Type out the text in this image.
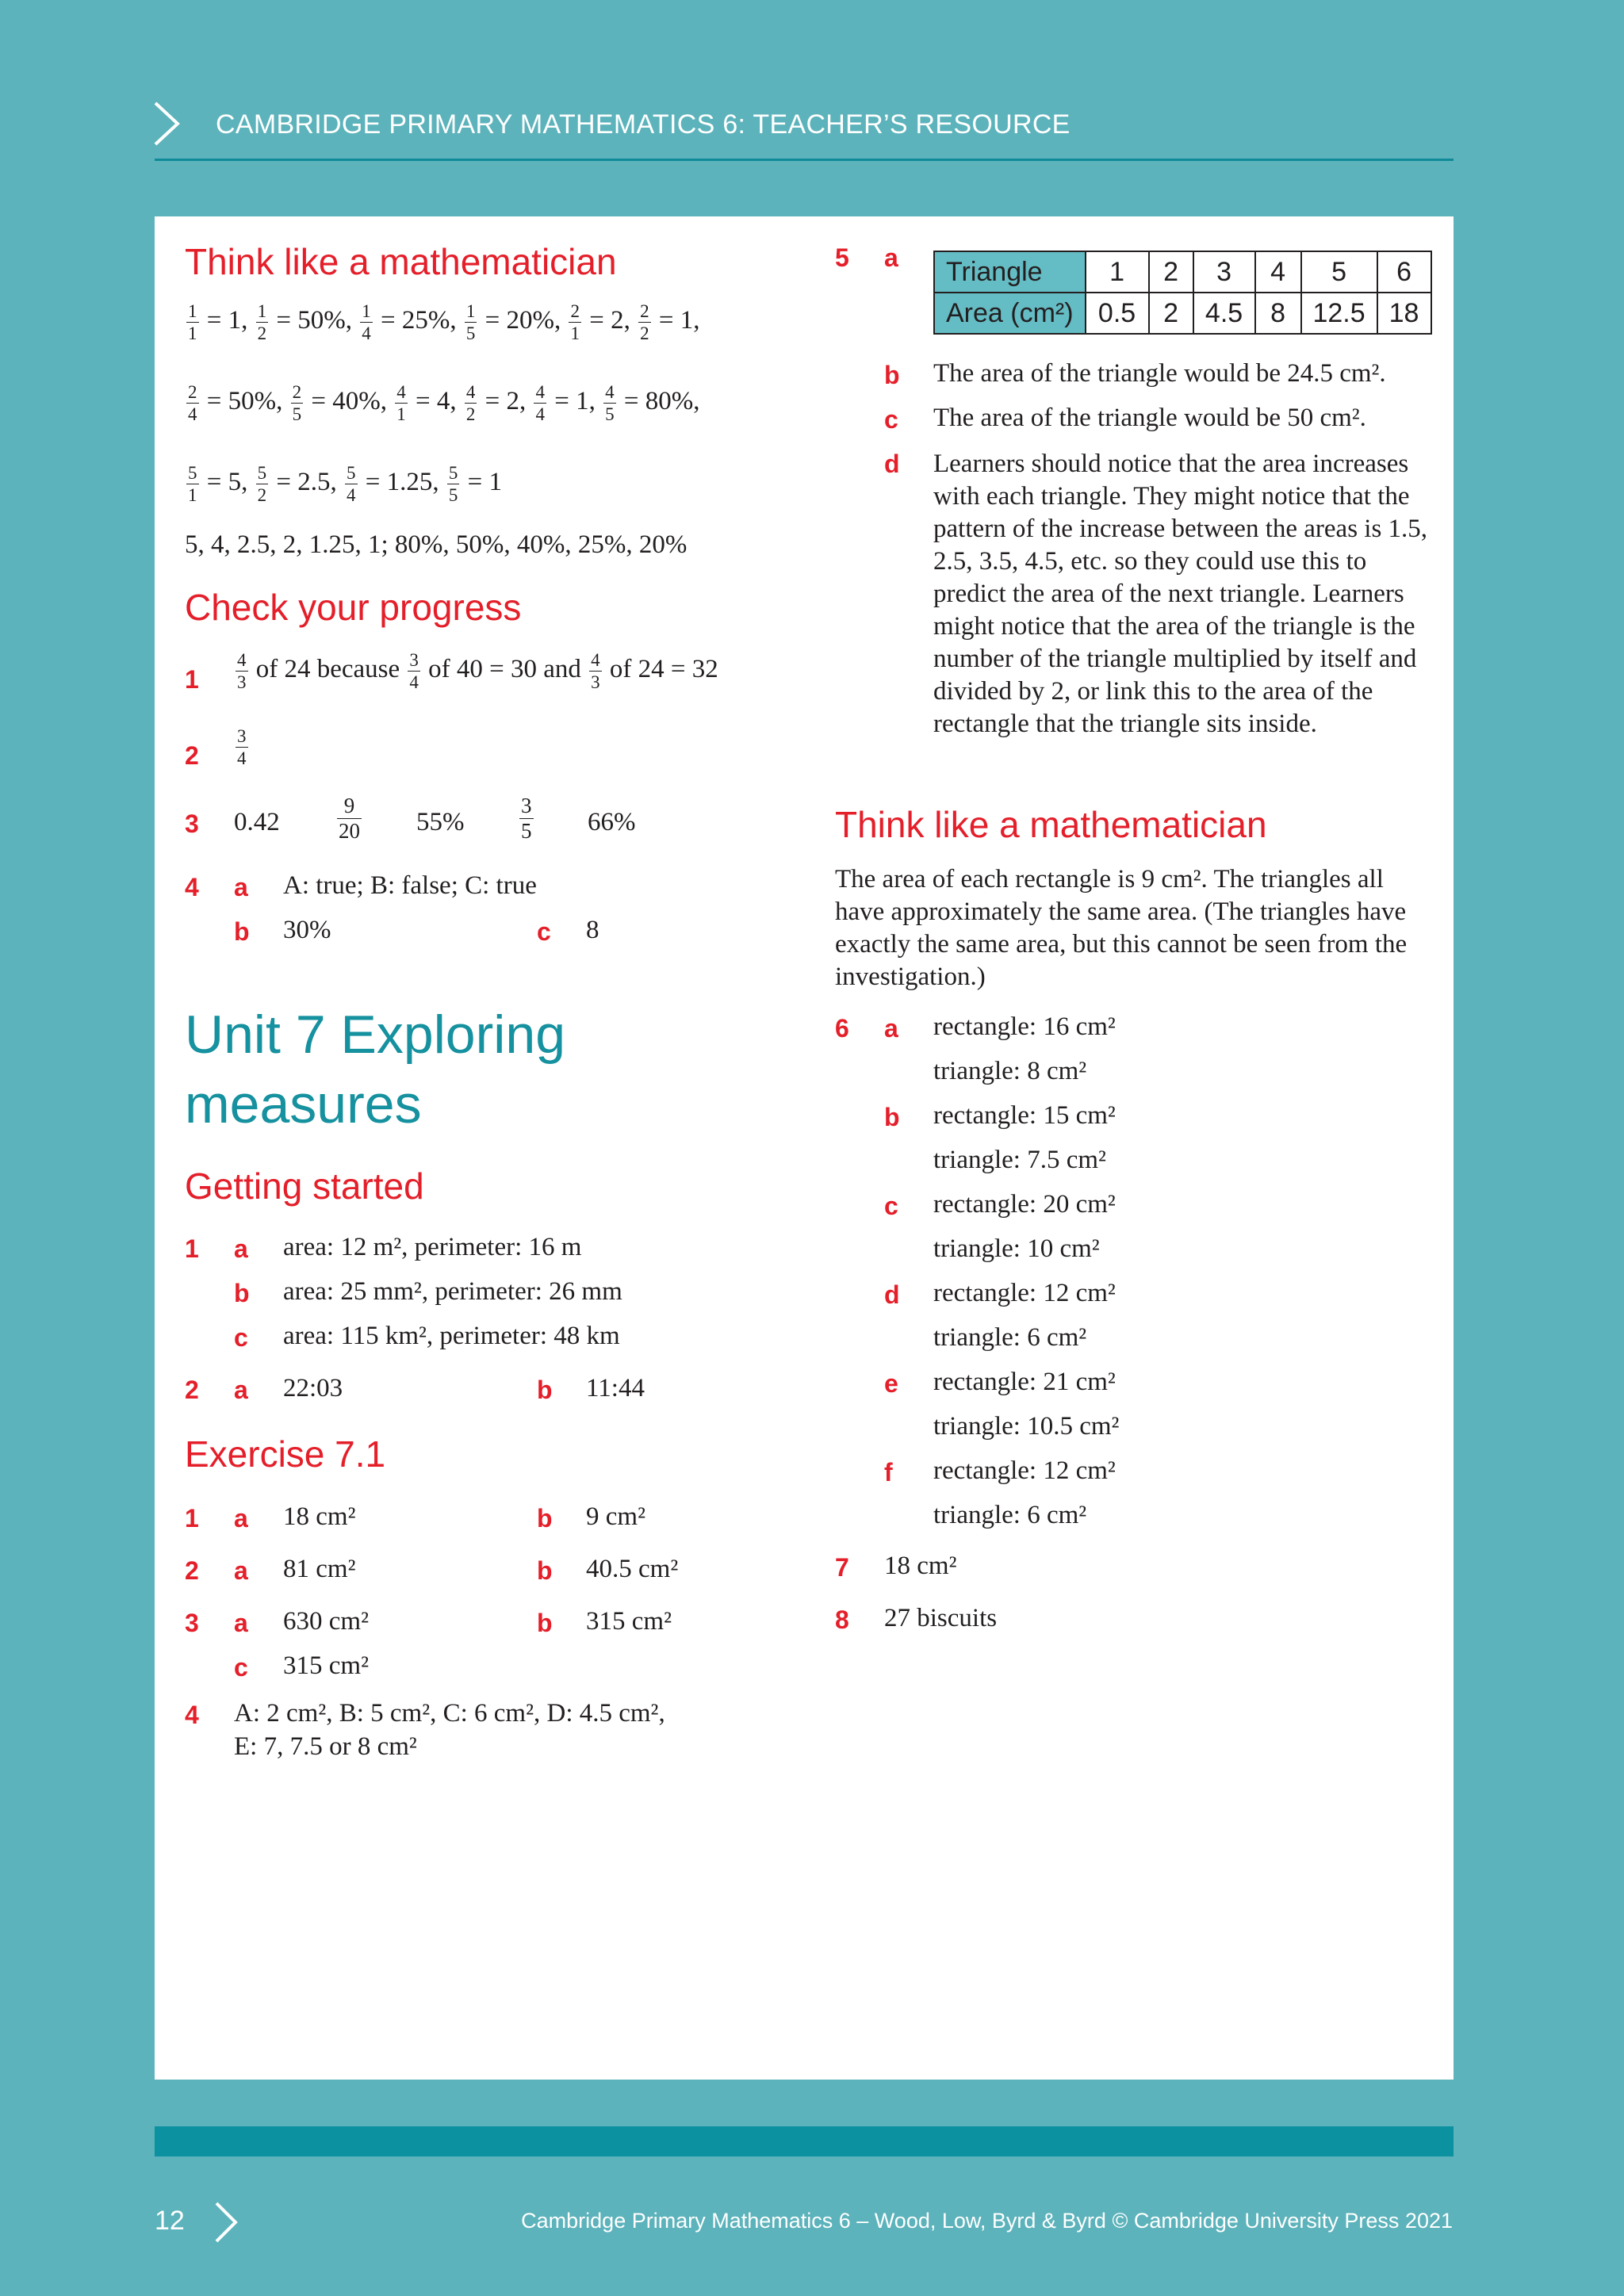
CAMBRIDGE PRIMARY MATHEMATICS 6: TEACHER’S RESOURCE
Think like a mathematician
$\frac{1}{1} = 1$, $\frac{1}{2} = 50\%$, $\frac{1}{4} = 25\%$, $\frac{1}{5} = 20\%$, $\frac{2}{1} = 2$, $\frac{2}{2} = 1$,
$\frac{2}{4} = 50\%$, $\frac{2}{5} = 40\%$, $\frac{4}{1} = 4$, $\frac{4}{2} = 2$, $\frac{4}{4} = 1$, $\frac{4}{5} = 80\%$,
$\frac{5}{1} = 5$, $\frac{5}{2} = 2.5$, $\frac{5}{4} = 1.25$, $\frac{5}{5} = 1$
5, 4, 2.5, 2, 1.25, 1; 80%, 50%, 40%, 25%, 20%
Check your progress
$1 \frac{4}{3}$ of 24 because $\frac{3}{4}$ of 40 = 30 and $\frac{4}{3}$ of 24 = 32
$2 \frac{3}{4}$
3 0.42	$\frac{9}{20} 55\%$	$\frac{3}{5} 66\%$
4 a A: true; B: false; C: true
b 30%	c 8
Unit 7 Exploring
measures
Getting started
1 a area: 12 m², perimeter: 16 m
b area: 25 mm², perimeter: 26 mm
c area: 115 km², perimeter: 48 km
2 a 22:03	b 11:44
Exercise 7.1
1 a 18 cm²	b 9 cm²
2 a 81 cm²	b 40.5 cm²
3 a 630 cm²	b 315 cm²
c 315 cm²
4 A: 2 cm², B: 5 cm², C: 6 cm², D: 4.5 cm²,
E: 7, 7.5 or 8 cm²
5 a
b The area of the triangle would be 24.5 cm².
c The area of the triangle would be 50 cm².
d Learners should notice that the area increases with each triangle. They might notice that the pattern of the increase between the areas is 1.5, 2.5, 3.5, 4.5, etc. so they could use this to predict the area of the next triangle. Learners might notice that the area of the triangle is the number of the triangle multiplied by itself and divided by 2, or link this to the area of the rectangle that the triangle sits inside.
Think like a mathematician
The area of each rectangle is 9 cm². The triangles all have approximately the same area. (The triangles have exactly the same area, but this cannot be seen from the investigation.)
6 a rectangle: 16 cm²
triangle: 8 cm²
b rectangle: 15 cm²
triangle: 7.5 cm²
c rectangle: 20 cm²
triangle: 10 cm²
d rectangle: 12 cm²
triangle: 6 cm²
e rectangle: 21 cm²
triangle: 10.5 cm²
f rectangle: 12 cm²
triangle: 6 cm²
7 18 cm²
8 27 biscuits
Triangle	1	2	3	4	5	6
Area (cm²)	0.5	2	4.5	8	12.5	18
12	Cambridge Primary Mathematics 6 – Wood, Low, Byrd & Byrd © Cambridge University Press 2021
